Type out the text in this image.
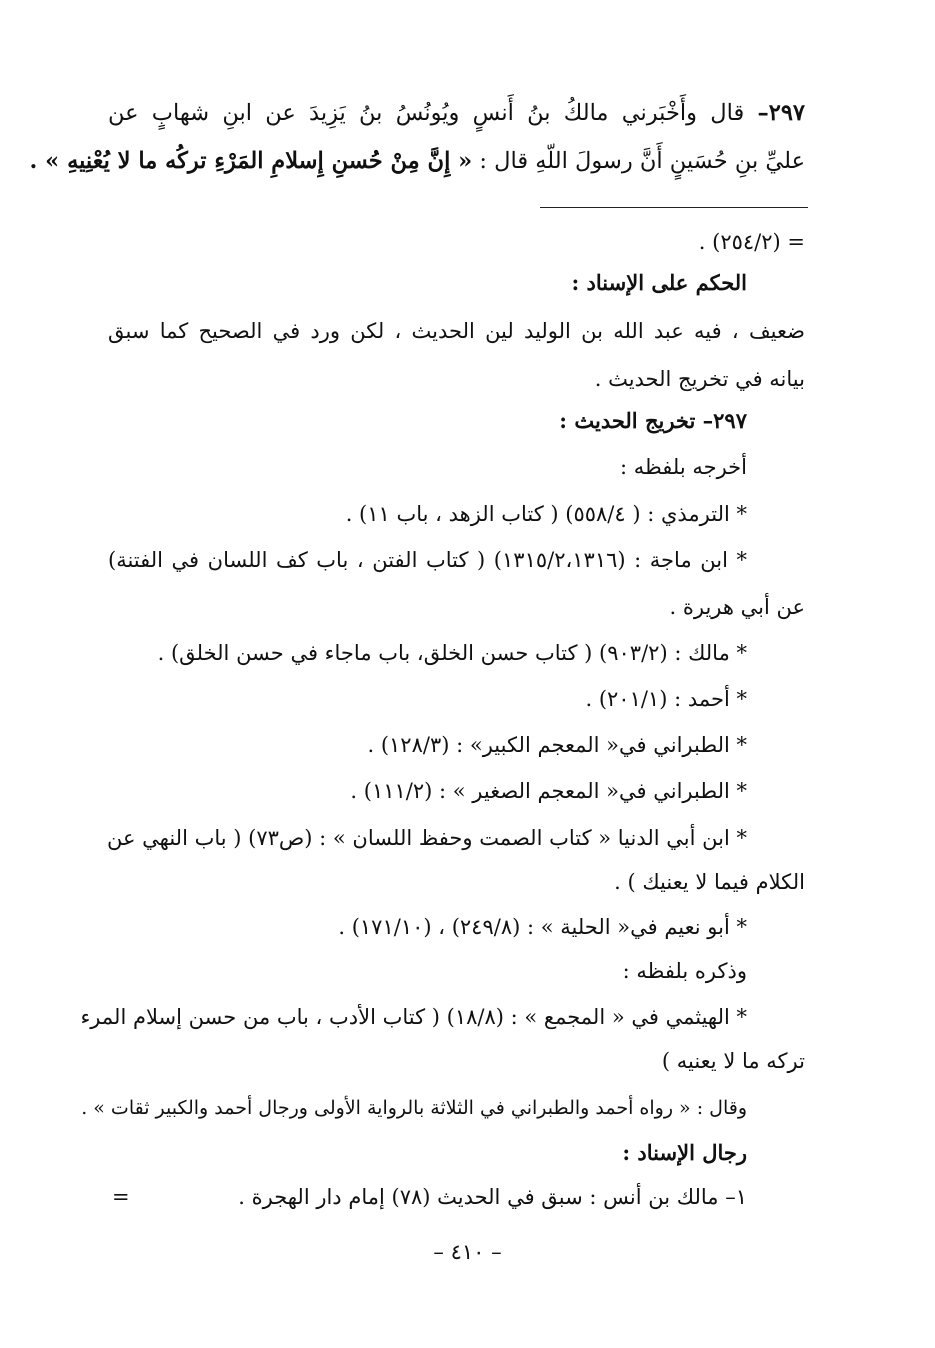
٢٩٧– قال وأَخْبَرني مالكُ بنُ أَنسٍ ويُونُسُ بنُ يَزِيدَ عن ابنِ شهابٍ عن
عليِّ بنِ حُسَينٍ أَنَّ رسولَ اللّهِ قال : « إِنَّ مِنْ حُسنِ إِسلامِ المَرْءِ تركُه ما لا يُعْنِيهِ » .
= (٢٥٤/٢) .
الحكم على الإسناد :
ضعيف ، فيه عبد الله بن الوليد لين الحديث ، لكن ورد في الصحيح كما سبق
بيانه في تخريج الحديث .
٢٩٧– تخريج الحديث :
أخرجه بلفظه :
* الترمذي : ( ٥٥٨/٤) ( كتاب الزهد ، باب ١١) .
* ابن ماجة : (١٣١٥/٢،١٣١٦) ( كتاب الفتن ، باب كف اللسان في الفتنة)
عن أبي هريرة .
* مالك : (٩٠٣/٢) ( كتاب حسن الخلق، باب ماجاء في حسن الخلق) .
* أحمد : (٢٠١/١) .
* الطبراني في« المعجم الكبير» : (١٢٨/٣) .
* الطبراني في« المعجم الصغير » : (١١١/٢) .
* ابن أبي الدنيا « كتاب الصمت وحفظ اللسان » : (ص٧٣) ( باب النهي عن
الكلام فيما لا يعنيك ) .
* أبو نعيم في« الحلية » : (٢٤٩/٨) ، (١٧١/١٠) .
وذكره بلفظه :
* الهيثمي في « المجمع » : (١٨/٨) ( كتاب الأدب ، باب من حسن إسلام المرء
تركه ما لا يعنيه )
وقال : « رواه أحمد والطبراني في الثلاثة بالرواية الأولى ورجال أحمد والكبير ثقات » .
رجال الإسناد :
١– مالك بن أنس : سبق في الحديث (٧٨) إمام دار الهجرة .
=
– ٤١٠ –
